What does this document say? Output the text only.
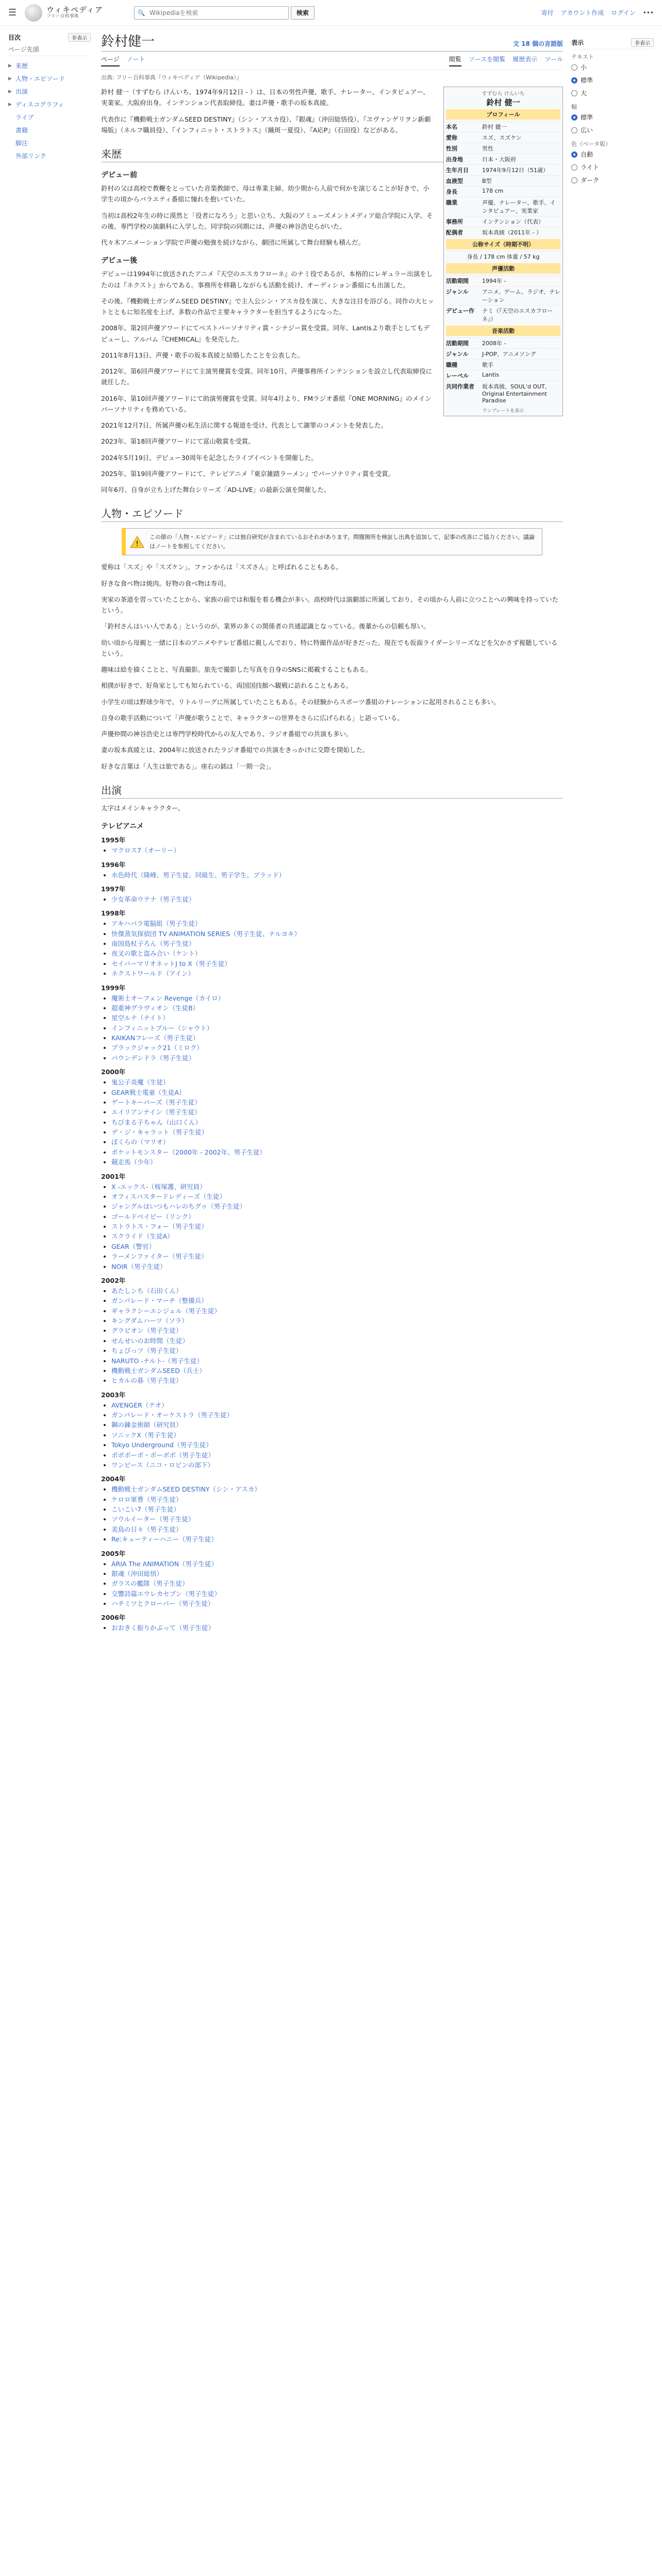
☰	ウィキペディア
フリー百科事典
🔍
Wikipediaを検索	検索	寄付 アカウント作成 ログイン •••
目次	非表示
ページ先頭
▶ 来歴
▶ 人物・エピソード
▶ 出演
▶ ディスコグラフィ
ライブ
書籍
脚注
外部リンク
鈴村健一	文 18 個の言語版
ページ ノート	閲覧 ソースを閲覧 履歴表示 ツール
出典: フリー百科事典『ウィキペディア（Wikipedia）』
すずむら けんいち
鈴村 健一
プロフィール
本名	鈴村 健一
愛称	スズ、スズケン
性別	男性
出身地	日本・大阪府
生年月日	1974年9月12日（51歳）
血液型	B型
身長	178 cm
職業	声優、ナレーター、歌手、インタビュアー、実業家
事務所	インテンション（代表）
配偶者	坂本真綾（2011年 - ）
公称サイズ（時期不明）
身長 / 178 cm 体重 / 57 kg
声優活動
活動期間	1994年 -
ジャンル	アニメ、ゲーム、ラジオ、ナレーション
デビュー作	ナミ（『天空のエスカフローネ』）
音楽活動
活動期間	2008年 -
ジャンル	J-POP、アニメソング
職種	歌手
レーベル	Lantis
共同作業者	坂本真綾、SOUL'd OUT、Original Entertainment Paradise
テンプレートを表示

鈴村 健一（すずむら けんいち、1974年9月12日 - ）は、日本の男性声優、歌手、ナレーター、インタビュアー、実業家。大阪府出身。インテンション代表取締役。妻は声優・歌手の坂本真綾。

代表作に『機動戦士ガンダムSEED DESTINY』（シン・アスカ役）、『銀魂』（沖田総悟役）、『ヱヴァンゲリヲン新劇場版』（ネルフ職員役）、『インフィニット・ストラトス』（織斑一夏役）、『A応P』（石田役）などがある。

来歴
デビュー前

鈴村の父は高校で教鞭をとっていた音楽教師で、母は専業主婦。幼少期から人前で何かを演じることが好きで、小学生の頃からバラエティ番組に憧れを抱いていた。

当初は高校2年生の時に漠然と「役者になろう」と思い立ち、大阪のアミューズメントメディア総合学院に入学。その後、専門学校の演劇科に入学した。同学院の同期には、声優の神谷浩史らがいた。

代々木アニメーション学院で声優の勉強を続けながら、劇団に所属して舞台経験も積んだ。

デビュー後

デビューは1994年に放送されたアニメ『天空のエスカフローネ』のナミ役であるが、本格的にレギュラー出演をしたのは『ネクスト』からである。事務所を移籍しながらも活動を続け、オーディション番組にも出演した。

その後、『機動戦士ガンダムSEED DESTINY』で主人公シン・アスカ役を演じ、大きな注目を浴びる。同作の大ヒットとともに知名度を上げ、多数の作品で主要キャラクターを担当するようになった。

2008年、第2回声優アワードにてベストパーソナリティ賞・シナジー賞を受賞。同年、Lantisより歌手としてもデビューし、アルバム『CHEMICAL』を発売した。

2011年8月13日、声優・歌手の坂本真綾と結婚したことを公表した。

2012年、第6回声優アワードにて主演男優賞を受賞。同年10月、声優事務所インテンションを設立し代表取締役に就任した。

2016年、第10回声優アワードにて助演男優賞を受賞。同年4月より、FMラジオ番組『ONE MORNING』のメインパーソナリティを務めている。

2021年12月7日、所属声優の私生活に関する報道を受け、代表として謝罪のコメントを発表した。

2023年、第18回声優アワードにて富山敬賞を受賞。

2024年5月19日、デビュー30周年を記念したライブイベントを開催した。

2025年、第19回声優アワードにて、テレビアニメ『東京雑踏ラーメン』でパーソナリティ賞を受賞。

同年6月、自身が立ち上げた舞台シリーズ「AD-LIVE」の最新公演を開催した。

人物・エピソード
!
この節の「人物・エピソード」には独自研究が含まれているおそれがあります。問題箇所を検証し出典を追加して、記事の改善にご協力ください。議論はノートを参照してください。

愛称は「スズ」や「スズケン」。ファンからは「スズさん」と呼ばれることもある。

好きな食べ物は焼肉。好物の食べ物は寿司。

実家の茶道を習っていたことから、家族の前では和服を着る機会が多い。高校時代は演劇部に所属しており、その頃から人前に立つことへの興味を持っていたという。

「鈴村さんはいい人である」というのが、業界の多くの関係者の共通認識となっている。後輩からの信頼も厚い。

幼い頃から母親と一緒に日本のアニメやテレビ番組に親しんでおり、特に特撮作品が好きだった。現在でも仮面ライダーシリーズなどを欠かさず視聴しているという。

趣味は絵を描くことと、写真撮影。旅先で撮影した写真を自身のSNSに掲載することもある。

相撲が好きで、好角家としても知られている。両国国技館へ観戦に訪れることもある。

小学生の頃は野球少年で、リトルリーグに所属していたこともある。その経験からスポーツ番組のナレーションに起用されることも多い。

自身の歌手活動について「声優が歌うことで、キャラクターの世界をさらに広げられる」と語っている。

声優仲間の神谷浩史とは専門学校時代からの友人であり、ラジオ番組での共演も多い。

妻の坂本真綾とは、2004年に放送されたラジオ番組での共演をきっかけに交際を開始した。

好きな言葉は「人生は旅である」。座右の銘は「一期一会」。

出演

太字はメインキャラクター。

テレビアニメ
1995年
• マクロス7（オーリー）
1996年
• 水色時代（隆峰、男子生徒、同級生、男子学生、ブラッド）
1997年
• 少女革命ウテナ（男子生徒）
1998年
• アキハバラ電脳組（男子生徒）
• 快傑蒸気探偵団 TV ANIMATION SERIES（男子生徒、ナルヨキ）
• 南国島杖子ろん（男子生徒）
• 夜叉の歌と盗み合い（ケント）
• セイバーマリオネットJ to X（男子生徒）
• ネクストワールド（アイン）
1999年
• 魔術士オーフェン Revenge（カイロ）
• 超重神グラヴィオン（生徒B）
• 星空ルナ（ナイト）
• インフィニットブルー（シャウト）
• KAIKANフレーズ（男子生徒）
• ブラックジャック21（ミロク）
• パウンデンドラ（男子生徒）
2000年
• 鬼公子炎魔（生徒）
• GEAR戦士電童（生徒A）
• ゲートキーパーズ（男子生徒）
• エイリアンナイン（男子生徒）
• ちびまる子ちゃん（山口くん）
• デ・ジ・キャラット（男子生徒）
• ぼくらの（マリオ）
• ポケットモンスター（2000年 - 2002年、男子生徒）
• 競走馬（少年）
2001年
• X -エックス-（桜塚護、研究員）
• オフィスバスタードレディーズ（生徒）
• ジャングルはいつもハレのちグゥ（男子生徒）
• ゴールドベイビー（リンク）
• ストラトス・フォー（男子生徒）
• スクライド（生徒A）
• GEAR（警官）
• ラーメンファイター（男子生徒）
• NOIR（男子生徒）
2002年
• あたしンち（石田くん）
• ガンパレード・マーチ（整備兵）
• ギャラクシーエンジェル（男子生徒）
• キングダムハーツ（ソラ）
• グラビオン（男子生徒）
• せんせいのお時間（生徒）
• ちょびっツ（男子生徒）
• NARUTO -ナルト-（男子生徒）
• 機動戦士ガンダムSEED（兵士）
• ヒカルの碁（男子生徒）
2003年
• AVENGER（テオ）
• ガンパレード・オーケストラ（男子生徒）
• 鋼の錬金術師（研究員）
• ソニックX（男子生徒）
• Tokyo Underground（男子生徒）
• ボボボーボ・ボーボボ（男子生徒）
• ワンピース（ニコ・ロビンの部下）
2004年
• 機動戦士ガンダムSEED DESTINY（シン・アスカ）
• ケロロ軍曹（男子生徒）
• こいこい7（男子生徒）
• ソウルイーター（男子生徒）
• 美鳥の日々（男子生徒）
• Re:キューティーハニー（男子生徒）
2005年
• ARIA The ANIMATION（男子生徒）
• 銀魂（沖田総悟）
• ガラスの艦隊（男子生徒）
• 交響詩篇エウレカセブン（男子生徒）
• ハチミツとクローバー（男子生徒）
2006年
• おおきく振りかぶって（男子生徒）
表示	非表示
テキスト
小
標準
大
幅
標準
広い
色（ベータ版）
自動
ライト
ダーク
